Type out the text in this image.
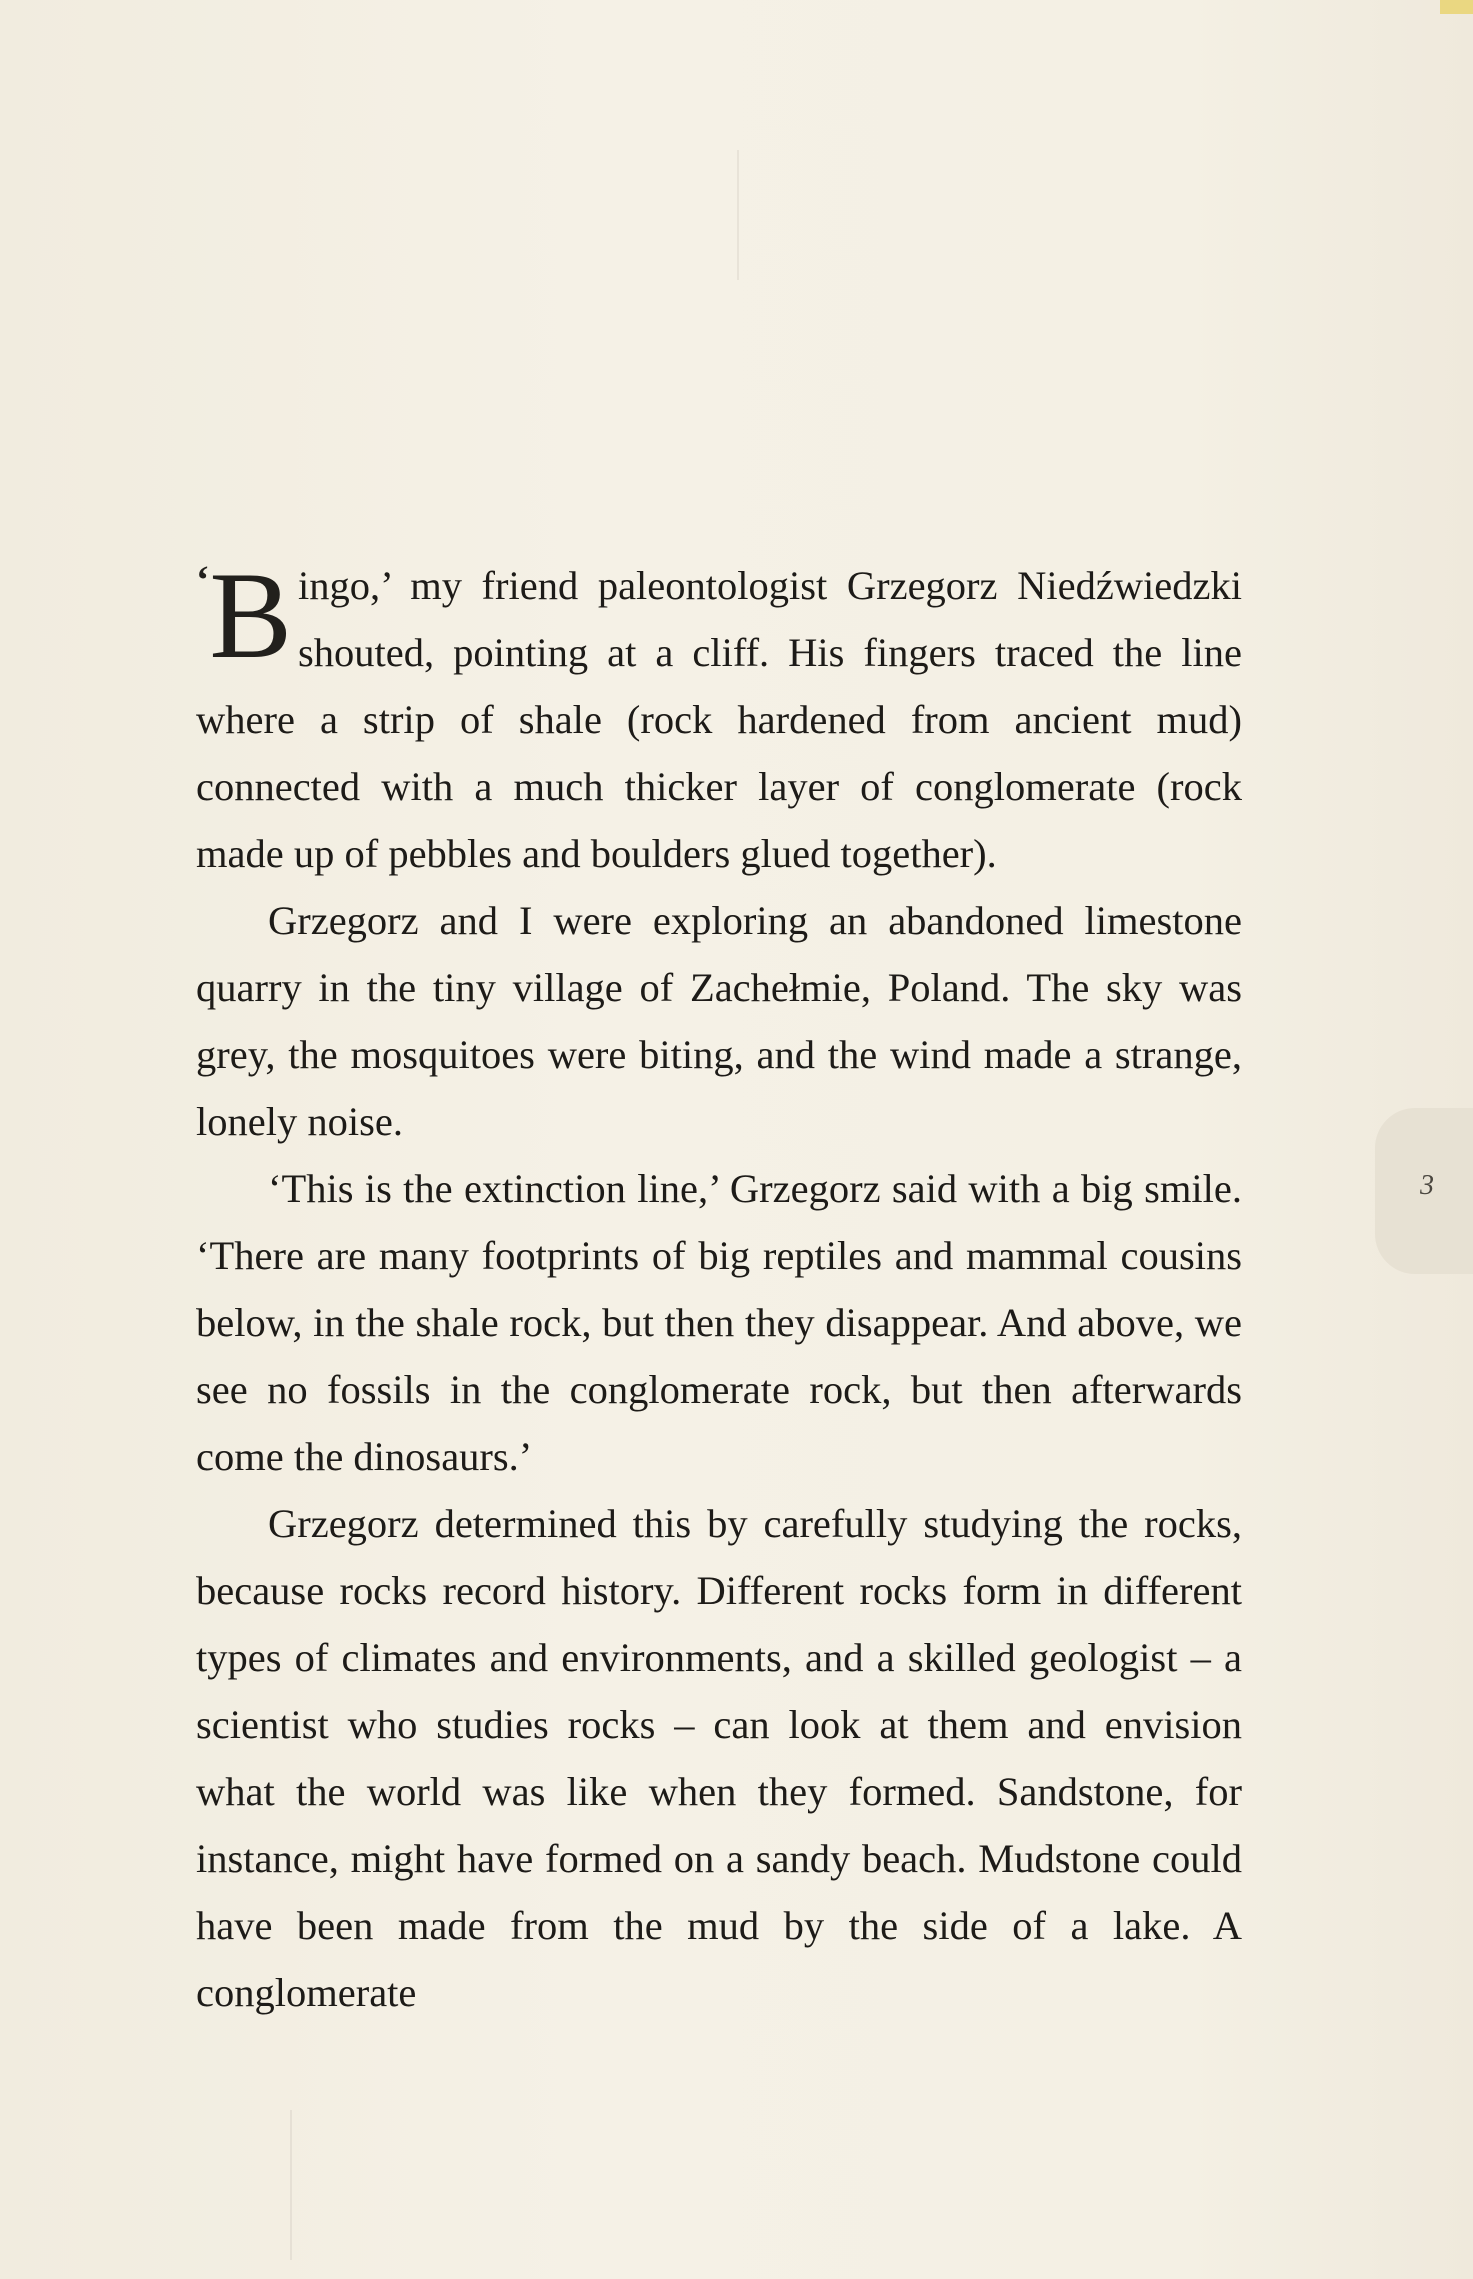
‘B ingo,’ my friend paleontologist Grzegorz Niedźwiedzki shouted, pointing at a cliff. His fingers traced the line where a strip of shale (rock hardened from ancient mud) connected with a much thicker layer of conglomerate (rock made up of pebbles and boulders glued together).

Grzegorz and I were exploring an abandoned limestone quarry in the tiny village of Zachełmie, Poland. The sky was grey, the mosquitoes were biting, and the wind made a strange, lonely noise.

‘This is the extinction line,’ Grzegorz said with a big smile. ‘There are many footprints of big reptiles and mammal cousins below, in the shale rock, but then they disappear. And above, we see no fossils in the conglomerate rock, but then afterwards come the dinosaurs.’

Grzegorz determined this by carefully studying the rocks, because rocks record history. Different rocks form in different types of climates and environments, and a skilled geologist – a scientist who studies rocks – can look at them and envision what the world was like when they formed. Sandstone, for instance, might have formed on a sandy beach. Mudstone could have been made from the mud by the side of a lake. A conglomerate

3
